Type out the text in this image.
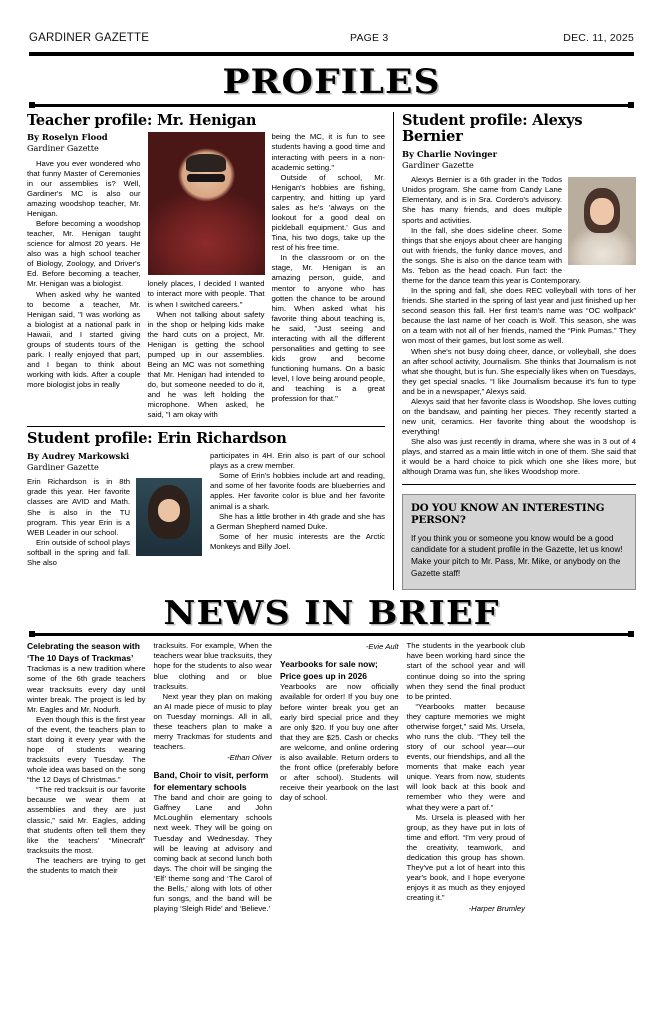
GARDINER GAZETTE	PAGE 3	DEC. 11, 2025
PROFILES
Teacher profile: Mr. Henigan
By Roselyn Flood
Gardiner Gazette

Have you ever wondered who that funny Master of Ceremonies in our assemblies is? Well, Gardiner's MC is also our amazing woodshop teacher, Mr. Henigan.

Before becoming a woodshop teacher, Mr. Henigan taught science for almost 20 years. He also was a high school teacher of Biology, Zoology, and Driver's Ed. Before becoming a teacher, Mr. Henigan was a biologist.

When asked why he wanted to become a teacher, Mr. Henigan said, "I was working as a biologist at a national park in Hawaii, and I started giving groups of students tours of the park. I really enjoyed that part, and I began to think about working with kids. After a couple more biologist jobs in really

lonely places, I decided I wanted to interact more with people. That is when I switched careers."

When not talking about safety in the shop or helping kids make the hard cuts on a project, Mr. Henigan is getting the school pumped up in our assemblies. Being an MC was not something that Mr. Henigan had intended to do, but someone needed to do it, and he was left holding the microphone. When asked, he said, "I am okay with

being the MC, it is fun to see students having a good time and interacting with peers in a non-academic setting."

Outside of school, Mr. Henigan's hobbies are fishing, carpentry, and hitting up yard sales as he's 'always on the lookout for a good deal on pickleball equipment.' Gus and Tina, his two dogs, take up the rest of his free time.

In the classroom or on the stage, Mr. Henigan is an amazing person, guide, and mentor to anyone who has gotten the chance to be around him. When asked what his favorite thing about teaching is, he said, "Just seeing and interacting with all the different personalities and getting to see kids grow and become functioning humans. On a basic level, I love being around people, and teaching is a great profession for that."

Student profile: Erin Richardson
By Audrey Markowski
Gardiner Gazette

Erin Richardson is in 8th grade this year. Her favorite classes are AVID and Math. She is also in the TU program. This year Erin is a WEB Leader in our school.

Erin outside of school plays softball in the spring and fall. She also

participates in 4H. Erin also is part of our school plays as a crew member.

Some of Erin's hobbies include art and reading, and some of her favorite foods are blueberries and apples. Her favorite color is blue and her favorite animal is a shark.

She has a little brother in 4th grade and she has a German Shepherd named Duke.

Some of her music interests are the Arctic Monkeys and Billy Joel.

Student profile: Alexys Bernier
By Charlie Novinger
Gardiner Gazette

Alexys Bernier is a 6th grader in the Todos Unidos program. She came from Candy Lane Elementary, and is in Sra. Cordero's advisory. She has many friends, and does multiple sports and activities.

In the fall, she does sideline cheer. Some things that she enjoys about cheer are hanging out with friends, the funky dance moves, and the songs. She is also on the dance team with Ms. Tebon as the head coach. Fun fact: the theme for the dance team this year is Contemporary.

In the spring and fall, she does REC volleyball with tons of her friends. She started in the spring of last year and just finished up her second season this fall. Her first team's name was “OC wolfpack” because the last name of her coach is Wolf. This season, she was on a team with not all of her friends, named the “Pink Pumas.” They won most of their games, but lost some as well.

When she's not busy doing cheer, dance, or volleyball, she does an after school activity, Journalism. She thinks that Journalism is not what she thought, but is fun. She especially likes when on Tuesdays, they get special snacks. “I like Journalism because it's fun to type and be in a newspaper,” Alexys said.

Alexys said that her favorite class is Woodshop. She loves cutting on the bandsaw, and painting her pieces. They recently started a new unit, ceramics. Her favorite thing about the woodshop is everything!

She also was just recently in drama, where she was in 3 out of 4 plays, and starred as a main little witch in one of them. She said that it would be a hard choice to pick which one she likes more, but although Drama was fun, she likes Woodshop more.

DO YOU KNOW AN INTERESTING PERSON?
If you think you or someone you know would be a good candidate for a student profile in the Gazette, let us know! Make your pitch to Mr. Pass, Mr. Mike, or anybody on the Gazette staff!
NEWS IN BRIEF
Celebrating the season with
‘The 10 Days of Trackmas’

Trackmas is a new tradition where some of the 6th grade teachers wear tracksuits every day until winter break. The project is led by Mr. Eagles and Mr. Nodurft.

Even though this is the first year of the event, the teachers plan to start doing it every year with the hope of students wearing tracksuits every Tuesday. The whole idea was based on the song “the 12 Days of Christmas.”

“The red tracksuit is our favorite because we wear them at assemblies and they are just classic,” said Mr. Eagles, adding that students often tell them they like the teachers' “Minecraft” tracksuits the most.

The teachers are trying to get the students to match their

tracksuits. For example, When the teachers wear blue tracksuits, they hope for the students to also wear blue clothing and or blue tracksuits.

Next year they plan on making an AI made piece of music to play on Tuesday mornings. All in all, these teachers plan to make a merry Trackmas for students and teachers.

-Ethan Oliver
Band, Choir to visit, perform
for elementary schools

The band and choir are going to Gaffney Lane and John McLoughlin elementary schools next week. They will be going on Tuesday and Wednesday. They will be leaving at advisory and coming back at second lunch both days. The choir will be singing the ‘Elf’ theme song and ‘The Carol of the Bells,’ along with lots of other fun songs, and the band will be playing ‘Sleigh Ride’ and ‘Believe.’

-Evie Ault
Yearbooks for sale now;
Price goes up in 2026

Yearbooks are now officially available for order! If you buy one before winter break you get an early bird special price and they are only $20. If you buy one after that they are $25. Cash or checks are welcome, and online ordering is also available. Return orders to the front office (preferably before or after school). Students will receive their yearbook on the last day of school.

The students in the yearbook club have been working hard since the start of the school year and will continue doing so into the spring when they send the final product to be printed.

“Yearbooks matter because they capture memories we might otherwise forget,” said Ms. Ursela, who runs the club. “They tell the story of our school year—our events, our friendships, and all the moments that make each year unique. Years from now, students will look back at this book and remember who they were and what they were a part of.”

Ms. Ursela is pleased with her group, as they have put in lots of time and effort. “I'm very proud of the creativity, teamwork, and dedication this group has shown. They've put a lot of heart into this year's book, and I hope everyone enjoys it as much as they enjoyed creating it.”

-Harper Brumley
